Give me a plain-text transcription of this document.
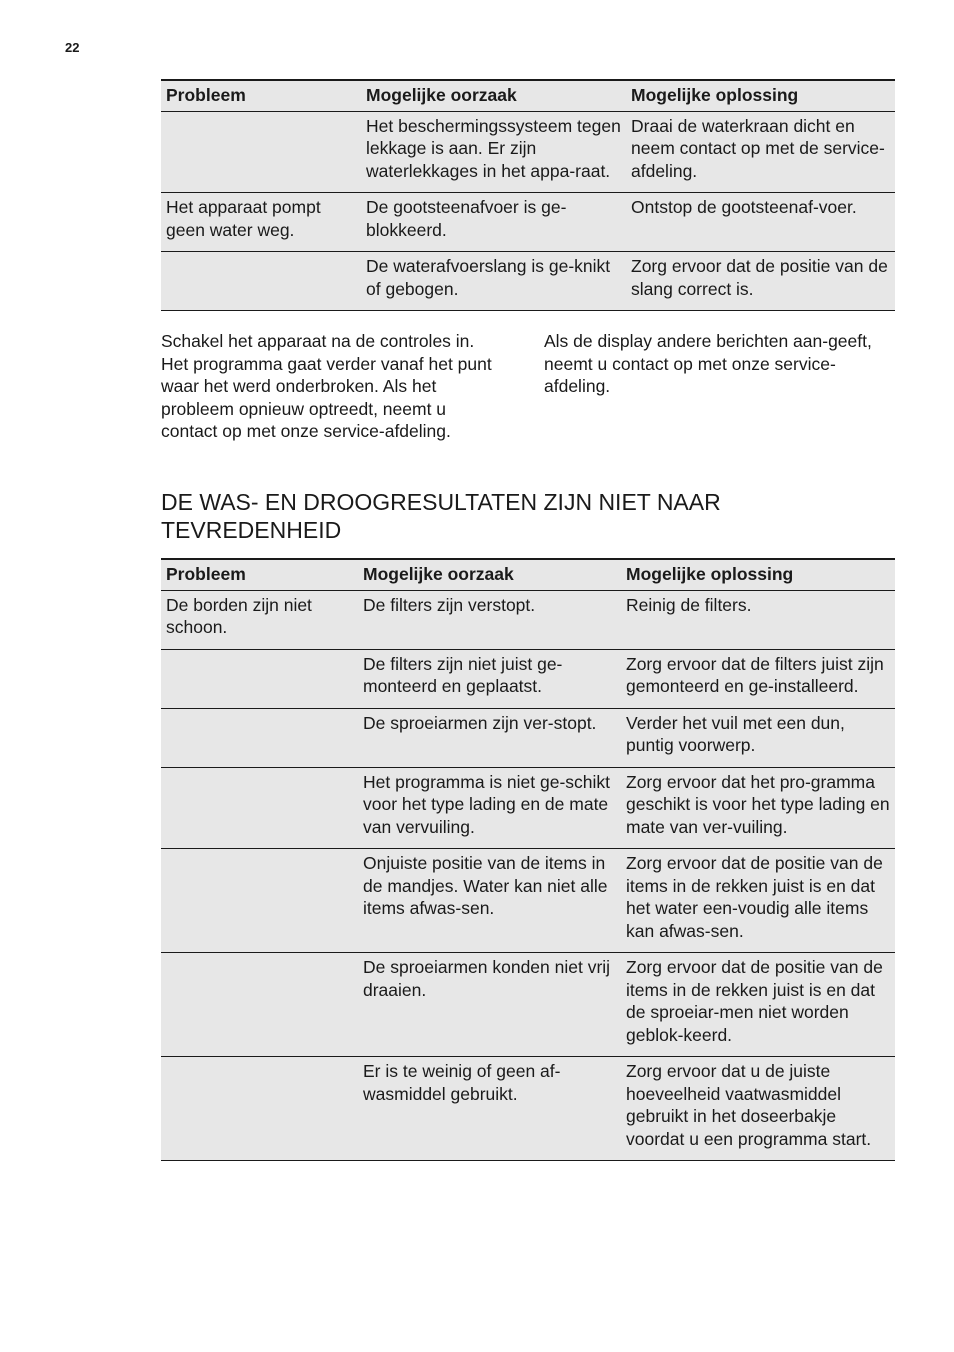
22
Probleem	Mogelijke oorzaak	Mogelijke oplossing
	Het beschermingssysteem tegen lekkage is aan. Er zijn waterlekkages in het appa-raat.	Draai de waterkraan dicht en neem contact op met de service-afdeling.
Het apparaat pompt geen water weg.	De gootsteenafvoer is ge-blokkeerd.	Ontstop de gootsteenaf-voer.
	De waterafvoerslang is ge-knikt of gebogen.	Zorg ervoor dat de positie van de slang correct is.
Schakel het apparaat na de controles in. Het programma gaat verder vanaf het punt waar het werd onderbroken. Als het probleem opnieuw optreedt, neemt u contact op met onze service-afdeling.
Als de display andere berichten aan-geeft, neemt u contact op met onze service-afdeling.
DE WAS- EN DROOGRESULTATEN ZIJN NIET NAAR TEVREDENHEID
Probleem	Mogelijke oorzaak	Mogelijke oplossing
De borden zijn niet schoon.	De filters zijn verstopt.	Reinig de filters.
	De filters zijn niet juist ge-monteerd en geplaatst.	Zorg ervoor dat de filters juist zijn gemonteerd en ge-installeerd.
	De sproeiarmen zijn ver-stopt.	Verder het vuil met een dun, puntig voorwerp.
	Het programma is niet ge-schikt voor het type lading en de mate van vervuiling.	Zorg ervoor dat het pro-gramma geschikt is voor het type lading en mate van ver-vuiling.
	Onjuiste positie van de items in de mandjes. Water kan niet alle items afwas-sen.	Zorg ervoor dat de positie van de items in de rekken juist is en dat het water een-voudig alle items kan afwas-sen.
	De sproeiarmen konden niet vrij draaien.	Zorg ervoor dat de positie van de items in de rekken juist is en dat de sproeiar-men niet worden geblok-keerd.
	Er is te weinig of geen af-wasmiddel gebruikt.	Zorg ervoor dat u de juiste hoeveelheid vaatwasmiddel gebruikt in het doseerbakje voordat u een programma start.
